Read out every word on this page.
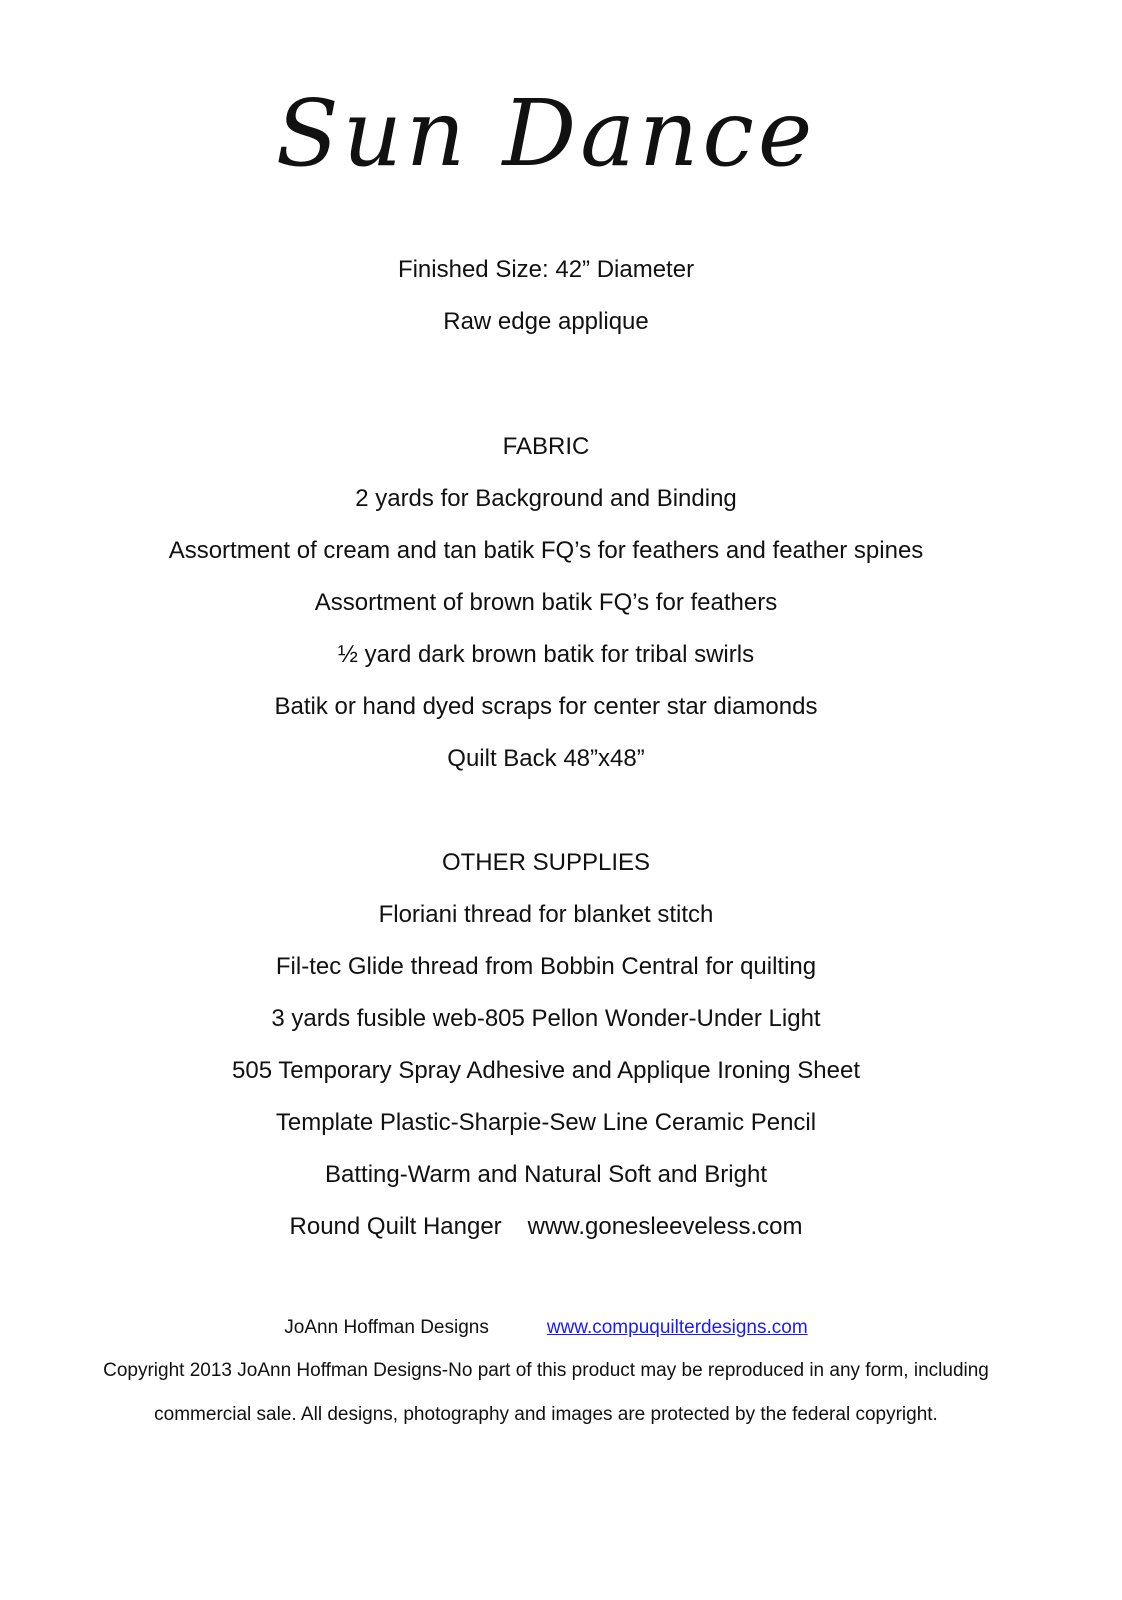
Sun Dance
Finished Size: 42” Diameter
Raw edge applique
FABRIC
2 yards for Background and Binding
Assortment of cream and tan batik FQ’s for feathers and feather spines
Assortment of brown batik FQ’s for feathers
½ yard dark brown batik for tribal swirls
Batik or hand dyed scraps for center star diamonds
Quilt Back 48”x48”
OTHER SUPPLIES
Floriani thread for blanket stitch
Fil-tec Glide thread from Bobbin Central for quilting
3 yards fusible web-805 Pellon Wonder-Under Light
505 Temporary Spray Adhesive and Applique Ironing Sheet
Template Plastic-Sharpie-Sew Line Ceramic Pencil
Batting-Warm and Natural Soft and Bright
Round Quilt Hanger www.gonesleeveless.com
JoAnn Hoffman Designs	www.compuquilterdesigns.com
Copyright 2013 JoAnn Hoffman Designs-No part of this product may be reproduced in any form, including
commercial sale. All designs, photography and images are protected by the federal copyright.
